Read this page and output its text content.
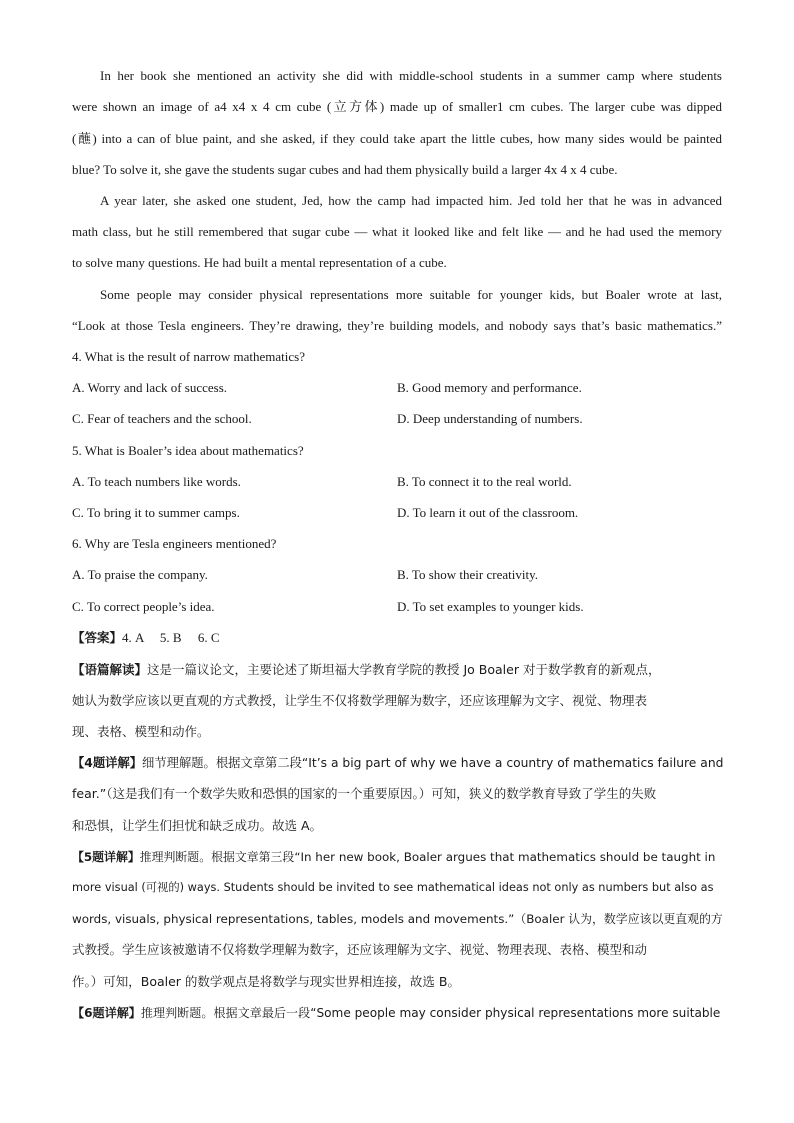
In her book she mentioned an activity she did with middle-school students in a summer camp where students
were shown an image of a4 x4 x 4 cm cube (立方体) made up of smaller1 cm cubes. The larger cube was dipped
(蘸) into a can of blue paint, and she asked, if they could take apart the little cubes, how many sides would be painted
blue? To solve it, she gave the students sugar cubes and had them physically build a larger 4x 4 x 4 cube.
A year later, she asked one student, Jed, how the camp had impacted him. Jed told her that he was in advanced
math class, but he still remembered that sugar cube — what it looked like and felt like — and he had used the memory
to solve many questions. He had built a mental representation of a cube.
Some people may consider physical representations more suitable for younger kids, but Boaler wrote at last,
“Look at those Tesla engineers. They’re drawing, they’re building models, and nobody says that’s basic mathematics.”
4. What is the result of narrow mathematics?
A. Worry and lack of success.	B. Good memory and performance.
C. Fear of teachers and the school.	D. Deep understanding of numbers.
5. What is Boaler’s idea about mathematics?
A. To teach numbers like words.	B. To connect it to the real world.
C. To bring it to summer camps.	D. To learn it out of the classroom.
6. Why are Tesla engineers mentioned?
A. To praise the company.	B. To show their creativity.
C. To correct people’s idea.	D. To set examples to younger kids.
【答案】4. A     5. B     6. C
【语篇解读】这是一篇议论文，主要论述了斯坦福大学教育学院的教授 Jo Boaler 对于数学教育的新观点，
她认为数学应该以更直观的方式教授，让学生不仅将数学理解为数字，还应该理解为文字、视觉、物理表
现、表格、模型和动作。
【4题详解】细节理解题。根据文章第二段“It’s a big part of why we have a country of mathematics failure and
fear.”（这是我们有一个数学失败和恐惧的国家的一个重要原因。）可知，狭义的数学教育导致了学生的失败
和恐惧，让学生们担忧和缺乏成功。故选 A。
【5题详解】推理判断题。根据文章第三段“In her new book, Boaler argues that mathematics should be taught in
more visual (可视的) ways. Students should be invited to see mathematical ideas not only as numbers but also as
words, visuals, physical representations, tables, models and movements.”（Boaler 认为，数学应该以更直观的方
式教授。学生应该被邀请不仅将数学理解为数字，还应该理解为文字、视觉、物理表现、表格、模型和动
作。）可知，Boaler 的数学观点是将数学与现实世界相连接，故选 B。
【6题详解】推理判断题。根据文章最后一段“Some people may consider physical representations more suitable
